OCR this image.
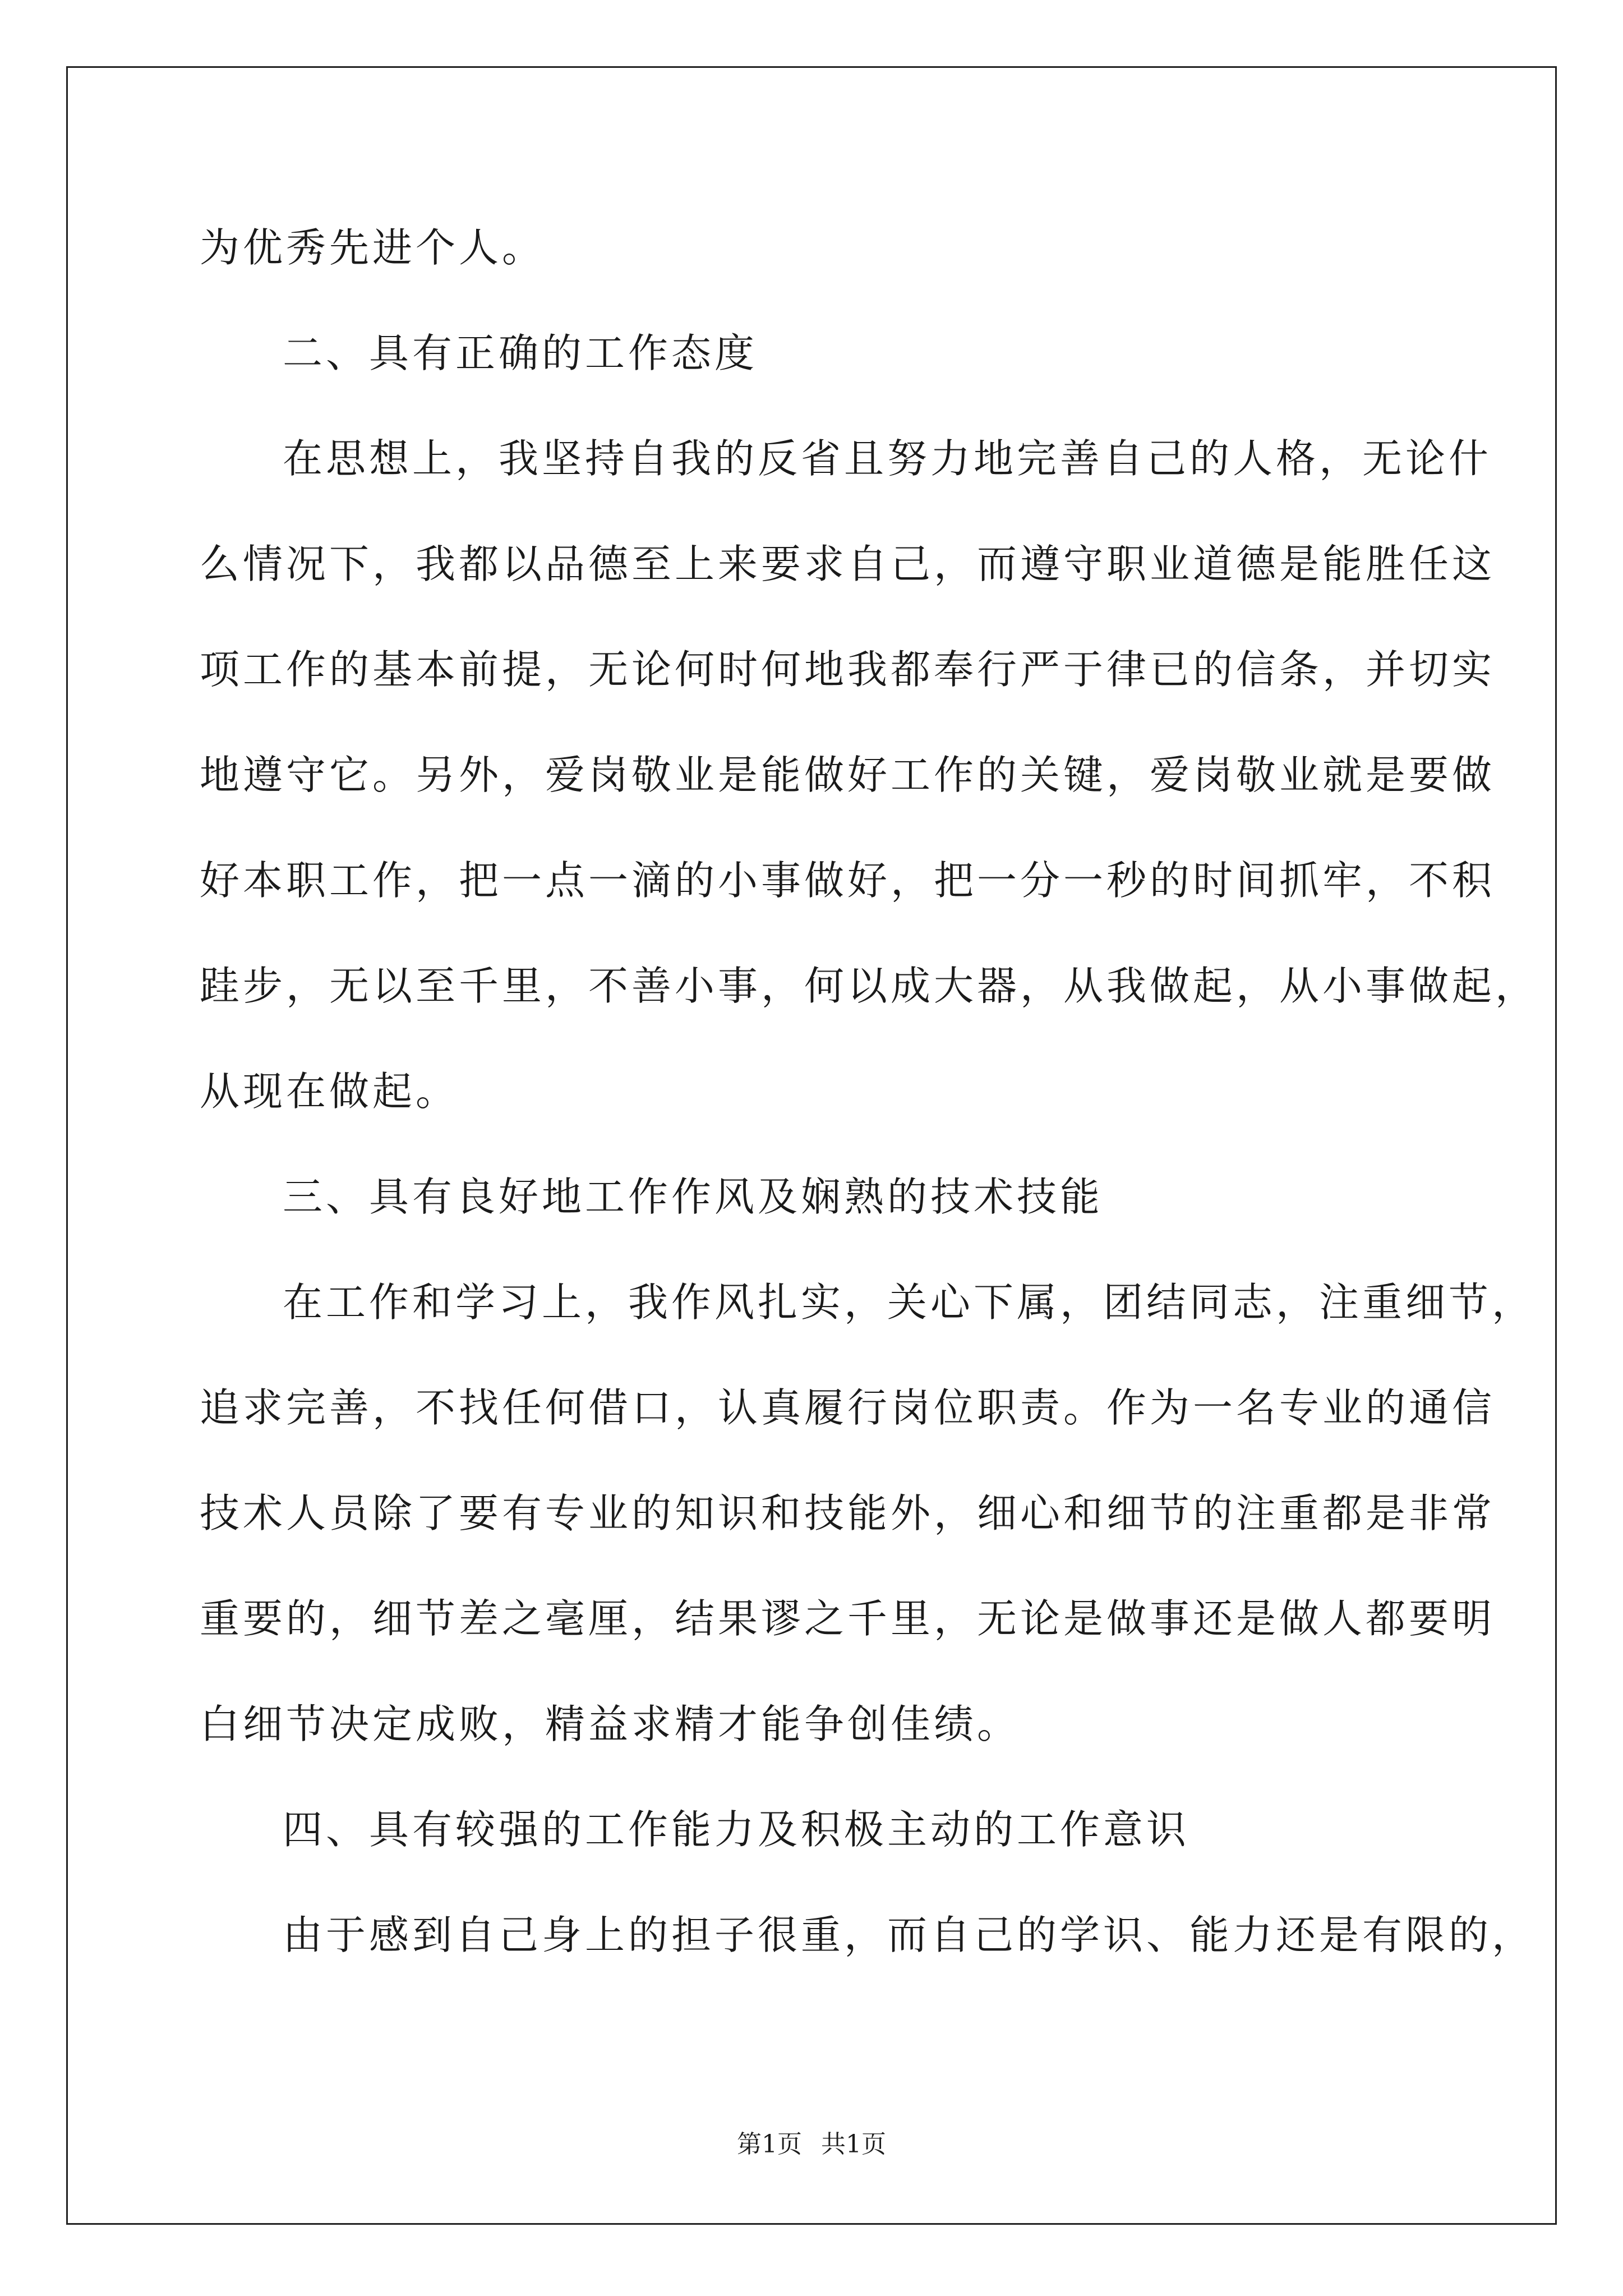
为优秀先进个人。
二、具有正确的工作态度
在思想上，我坚持自我的反省且努力地完善自己的人格，无论什
么情况下，我都以品德至上来要求自己，而遵守职业道德是能胜任这
项工作的基本前提，无论何时何地我都奉行严于律已的信条，并切实
地遵守它。另外，爱岗敬业是能做好工作的关键，爱岗敬业就是要做
好本职工作，把一点一滴的小事做好，把一分一秒的时间抓牢，不积
跬步，无以至千里，不善小事，何以成大器，从我做起，从小事做起，
从现在做起。
三、具有良好地工作作风及娴熟的技术技能
在工作和学习上，我作风扎实，关心下属，团结同志，注重细节，
追求完善，不找任何借口，认真履行岗位职责。作为一名专业的通信
技术人员除了要有专业的知识和技能外，细心和细节的注重都是非常
重要的，细节差之毫厘，结果谬之千里，无论是做事还是做人都要明
白细节决定成败，精益求精才能争创佳绩。
四、具有较强的工作能力及积极主动的工作意识
由于感到自己身上的担子很重，而自己的学识、能力还是有限的，
第1页 共1页
